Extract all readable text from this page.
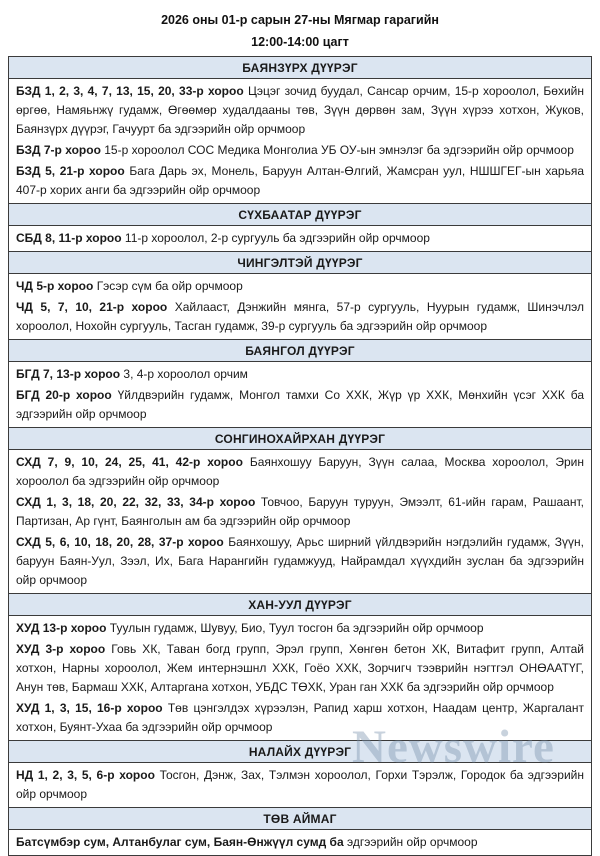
2026 оны 01-р сарын 27-ны Мягмар гарагийн
12:00-14:00 цагт
БАЯНЗҮРХ ДҮҮРЭГ

БЗД 1, 2, 3, 4, 7, 13, 15, 20, 33-р хороо Цэцэг зочид буудал, Сансар орчим, 15-р хороолол, Бөхийн өргөө, Намяьнжү гудамж, Өгөөмөр худалдааны төв, Зүүн дөрвөн зам, Зүүн хүрээ хотхон, Жуков, Баянзүрх дүүрэг, Гачуурт ба эдгээрийн ойр орчмоор

БЗД 7-р хороо 15-р хороолол СОС Медика Монголиа УБ ОУ-ын эмнэлэг ба эдгээрийн ойр орчмоор

БЗД 5, 21-р хороо Бага Дарь эх, Монель, Баруун Алтан-Өлгий, Жамсран уул, НШШГЕГ-ын харьяа 407-р хорих анги ба эдгээрийн ойр орчмоор

СҮХБААТАР ДҮҮРЭГ

СБД 8, 11-р хороо 11-р хороолол, 2-р сургууль ба эдгээрийн ойр орчмоор

ЧИНГЭЛТЭЙ ДҮҮРЭГ

ЧД 5-р хороо Гэсэр сүм ба ойр орчмоор

ЧД 5, 7, 10, 21-р хороо Хайлааст, Дэнжийн мянга, 57-р сургууль, Нуурын гудамж, Шинэчлэл хороолол, Нохойн сургууль, Тасган гудамж, 39-р сургууль ба эдгээрийн ойр орчмоор

БАЯНГОЛ ДҮҮРЭГ

БГД 7, 13-р хороо 3, 4-р хороолол орчим

БГД 20-р хороо Үйлдвэрийн гудамж, Монгол тамхи Со ХХК, Жүр үр ХХК, Мөнхийн үсэг ХХК ба эдгээрийн ойр орчмоор

СОНГИНОХАЙРХАН ДҮҮРЭГ

СХД 7, 9, 10, 24, 25, 41, 42-р хороо Баянхошуу Баруун, Зүүн салаа, Москва хороолол, Эрин хороолол ба эдгээрийн ойр орчмоор

СХД 1, 3, 18, 20, 22, 32, 33, 34-р хороо Товчоо, Баруун туруун, Эмээлт, 61-ийн гарам, Рашаант, Партизан, Ар гүнт, Баянголын ам ба эдгээрийн ойр орчмоор

СХД 5, 6, 10, 18, 20, 28, 37-р хороо Баянхошуу, Арьс ширний үйлдвэрийн нэгдэлийн гудамж, Зүүн, баруун Баян-Уул, Зээл, Их, Бага Нарангийн гудамжууд, Найрамдал хүүхдийн зуслан ба эдгээрийн ойр орчмоор

ХАН-УУЛ ДҮҮРЭГ

ХУД 13-р хороо Туулын гудамж, Шувуу, Био, Туул тосгон ба эдгээрийн ойр орчмоор

ХУД 3-р хороо Говь ХК, Таван богд групп, Эрэл групп, Хөнгөн бетон ХК, Витафит групп, Алтай хотхон, Нарны хороолол, Жем интернэшнл ХХК, Гоёо ХХК, Зорчигч тээврийн нэгтгэл ОНӨААТҮГ, Анун төв, Бармаш ХХК, Алтаргана хотхон, УБДС ТӨХК, Уран ган ХХК ба эдгээрийн ойр орчмоор

ХУД 1, 3, 15, 16-р хороо Төв цэнгэлдэх хүрээлэн, Рапид харш хотхон, Наадам центр, Жаргалант хотхон, Буянт-Ухаа ба эдгээрийн ойр орчмоор

НАЛАЙХ ДҮҮРЭГ

НД 1, 2, 3, 5, 6-р хороо Тосгон, Дэнж, Зах, Тэлмэн хороолол, Горхи Тэрэлж, Городок ба эдгээрийн ойр орчмоор

ТӨВ АЙМАГ

Батсүмбэр сум, Алтанбулаг сум, Баян-Өнжүүл сумд ба эдгээрийн ойр орчмоор

Newswire
